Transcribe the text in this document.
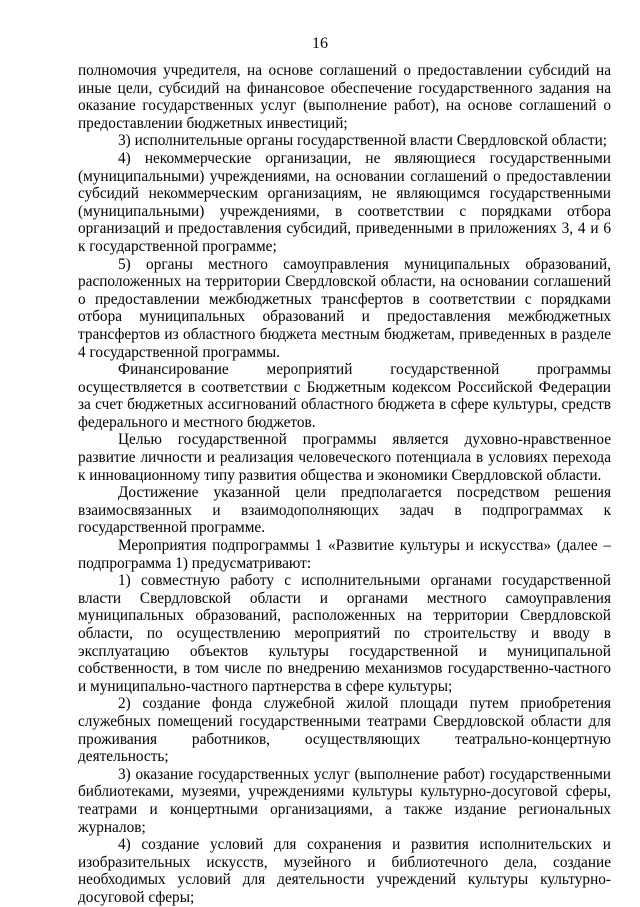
16

полномочия учредителя, на основе соглашений о предоставлении субсидий на иные цели, субсидий на финансовое обеспечение государственного задания на оказание государственных услуг (выполнение работ), на основе соглашений о предоставлении бюджетных инвестиций;

3) исполнительные органы государственной власти Свердловской области;

4) некоммерческие организации, не являющиеся государственными (муниципальными) учреждениями, на основании соглашений о предоставлении субсидий некоммерческим организациям, не являющимся государственными (муниципальными) учреждениями, в соответствии с порядками отбора организаций и предоставления субсидий, приведенными в приложениях 3, 4 и 6 к государственной программе;

5) органы местного самоуправления муниципальных образований, расположенных на территории Свердловской области, на основании соглашений о предоставлении межбюджетных трансфертов в соответствии с порядками отбора муниципальных образований и предоставления межбюджетных трансфертов из областного бюджета местным бюджетам, приведенных в разделе 4 государственной программы.

Финансирование мероприятий государственной программы осуществляется в соответствии с Бюджетным кодексом Российской Федерации за счет бюджетных ассигнований областного бюджета в сфере культуры, средств федерального и местного бюджетов.

Целью государственной программы является духовно-нравственное развитие личности и реализация человеческого потенциала в условиях перехода к инновационному типу развития общества и экономики Свердловской области.

Достижение указанной цели предполагается посредством решения взаимосвязанных и взаимодополняющих задач в подпрограммах к государственной программе.

Мероприятия подпрограммы 1 «Развитие культуры и искусства» (далее – подпрограмма 1) предусматривают:

1) совместную работу с исполнительными органами государственной власти Свердловской области и органами местного самоуправления муниципальных образований, расположенных на территории Свердловской области, по осуществлению мероприятий по строительству и вводу в эксплуатацию объектов культуры государственной и муниципальной собственности, в том числе по внедрению механизмов государственно-частного и муниципально-частного партнерства в сфере культуры;

2) создание фонда служебной жилой площади путем приобретения служебных помещений государственными театрами Свердловской области для проживания работников, осуществляющих театрально-концертную деятельность;

3) оказание государственных услуг (выполнение работ) государственными библиотеками, музеями, учреждениями культуры культурно-досуговой сферы, театрами и концертными организациями, а также издание региональных журналов;

4) создание условий для сохранения и развития исполнительских и изобразительных искусств, музейного и библиотечного дела, создание необходимых условий для деятельности учреждений культуры культурно-досуговой сферы;
